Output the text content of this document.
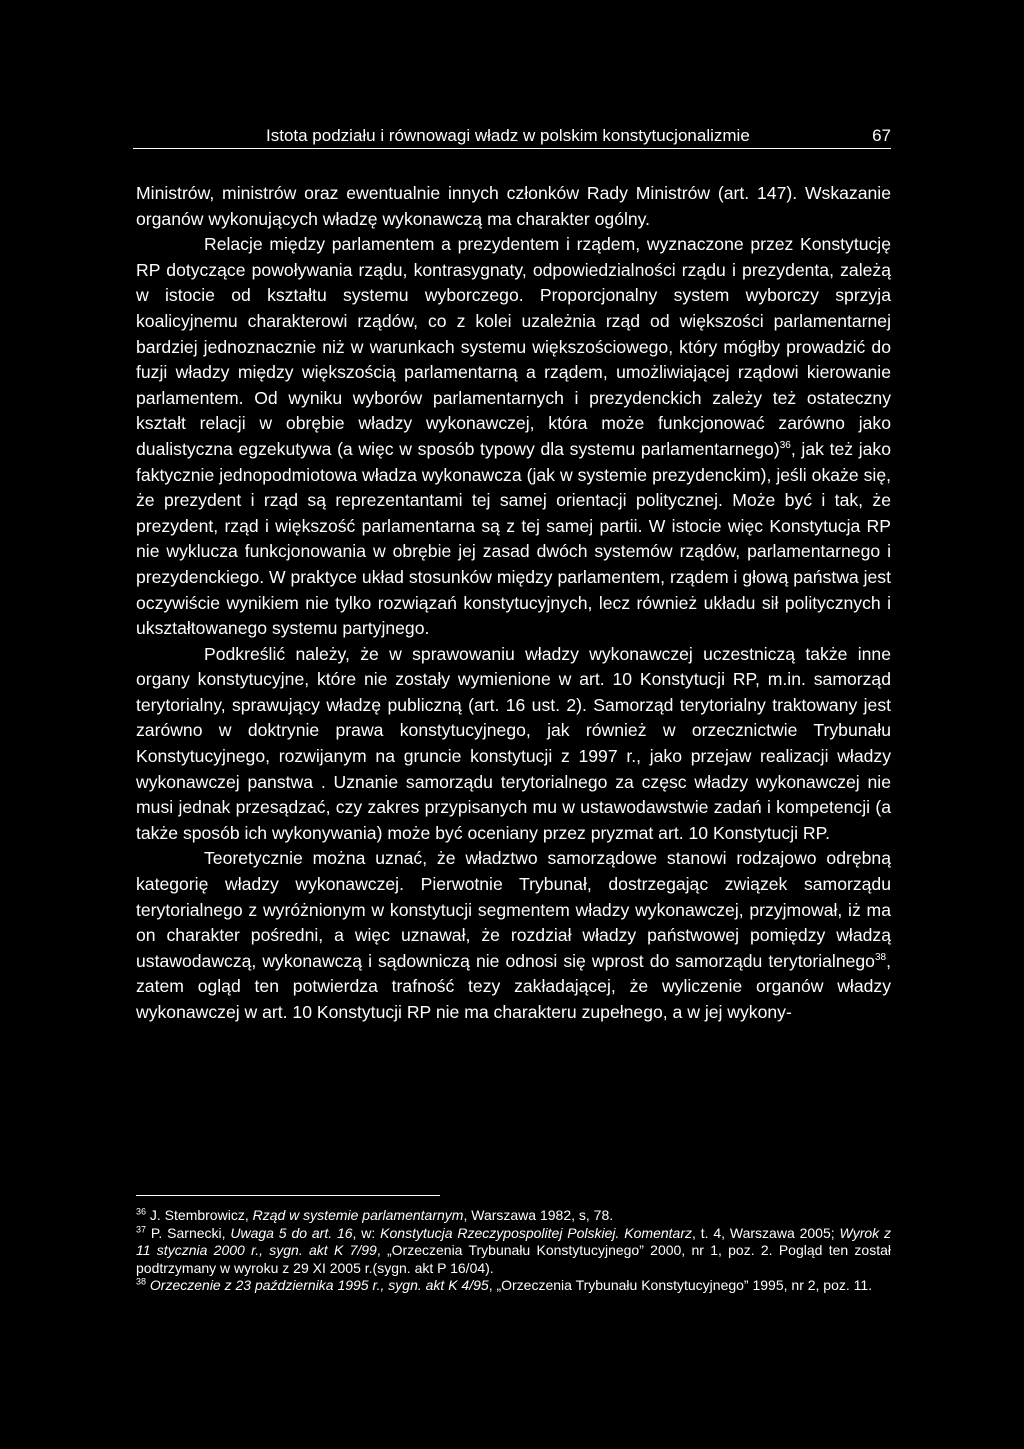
Istota podziału i równowagi władz w polskim konstytucjonalizmie	67

Ministrów, ministrów oraz ewentualnie innych członków Rady Ministrów (art. 147). Wskazanie organów wykonujących władzę wykonawczą ma charakter ogólny.

Relacje między parlamentem a prezydentem i rządem, wyznaczone przez Konstytucję RP dotyczące powoływania rządu, kontrasygnaty, odpowiedzialności rządu i prezydenta, zależą w istocie od kształtu systemu wyborczego. Proporcjonalny system wyborczy sprzyja koalicyjnemu charakterowi rządów, co z kolei uzależnia rząd od większości parlamentarnej bardziej jednoznacznie niż w warunkach systemu większościowego, który mógłby prowadzić do fuzji władzy między większością parlamentarną a rządem, umożliwiającej rządowi kierowanie parlamentem. Od wyniku wyborów parlamentarnych i prezydenckich zależy też ostateczny kształt relacji w obrębie władzy wykonawczej, która może funkcjonować zarówno jako dualistyczna egzekutywa (a więc w sposób typowy dla systemu parlamentarnego)$^{36}$, jak też jako faktycznie jednopodmiotowa władza wykonawcza (jak w systemie prezydenckim), jeśli okaże się, że prezydent i rząd są reprezentantami tej samej orientacji politycznej. Może być i tak, że prezydent, rząd i większość parlamentarna są z tej samej partii. W istocie więc Konstytucja RP nie wyklucza funkcjonowania w obrębie jej zasad dwóch systemów rządów, parlamentarnego i prezydenckiego. W praktyce układ stosunków między parlamentem, rządem i głową państwa jest oczywiście wynikiem nie tylko rozwiązań konstytucyjnych, lecz również układu sił politycznych i ukształtowanego systemu partyjnego.

Podkreślić należy, że w sprawowaniu władzy wykonawczej uczestniczą także inne organy konstytucyjne, które nie zostały wymienione w art. 10 Konstytucji RP, m.in. samorząd terytorialny, sprawujący władzę publiczną (art. 16 ust. 2). Samorząd terytorialny traktowany jest zarówno w doktrynie prawa konstytucyjnego, jak również w orzecznictwie Trybunału Konstytucyjnego, rozwijanym na gruncie konstytucji z 1997 r., jako przejaw realizacji władzy wykonawczej panstwa . Uznanie samorządu terytorialnego za częsc władzy wykonawczej nie musi jednak przesądzać, czy zakres przypisanych mu w ustawodawstwie zadań i kompetencji (a także sposób ich wykonywania) może być oceniany przez pryzmat art. 10 Konstytucji RP.

Teoretycznie można uznać, że władztwo samorządowe stanowi rodzajowo odrębną kategorię władzy wykonawczej. Pierwotnie Trybunał, dostrzegając związek samorządu terytorialnego z wyróżnionym w konstytucji segmentem władzy wykonawczej, przyjmował, iż ma on charakter pośredni, a więc uznawał, że rozdział władzy państwowej pomiędzy władzą ustawodawczą, wykonawczą i sądowniczą nie odnosi się wprost do samorządu terytorialnego$^{38}$, zatem ogląd ten potwierdza trafność tezy zakładającej, że wyliczenie organów władzy wykonawczej w art. 10 Konstytucji RP nie ma charakteru zupełnego, a w jej wykony-

$^{36}$ J. Stembrowicz, Rząd w systemie parlamentarnym, Warszawa 1982, s, 78.

$^{37}$ P. Sarnecki, Uwaga 5 do art. 16, w: Konstytucja Rzeczypospolitej Polskiej. Komentarz, t. 4, Warszawa 2005; Wyrok z 11 stycznia 2000 r., sygn. akt K 7/99, „Orzeczenia Trybunału Konstytucyjnego” 2000, nr 1, poz. 2. Pogląd ten został podtrzymany w wyroku z 29 XI 2005 r.(sygn. akt P 16/04).

$^{38}$ Orzeczenie z 23 października 1995 r., sygn. akt K 4/95, „Orzeczenia Trybunału Konstytucyjnego” 1995, nr 2, poz. 11.
